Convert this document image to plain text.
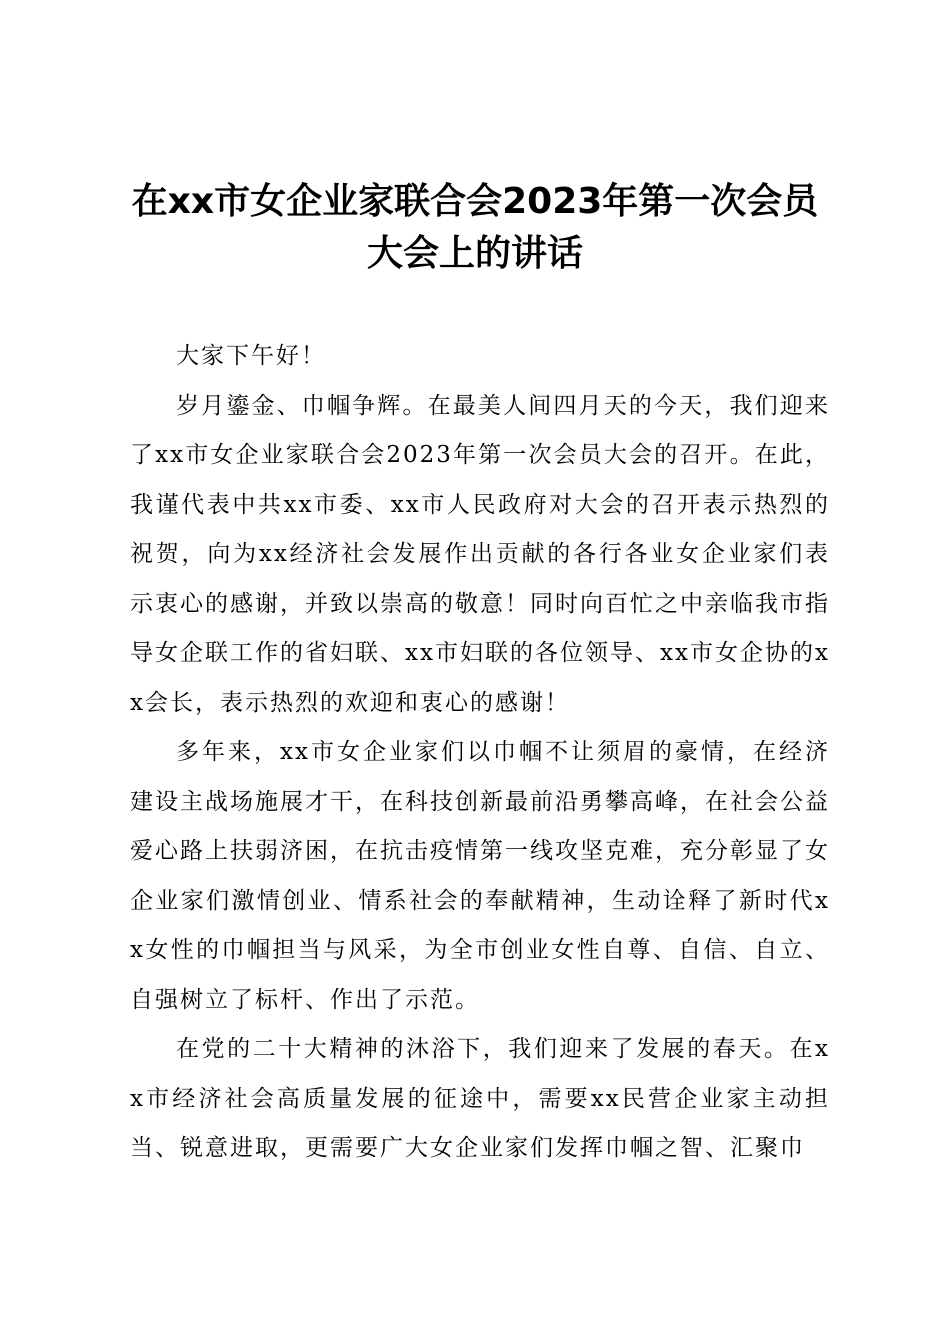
在xx市女企业家联合会2023年第一次会员大会上的讲话

大家下午好！

岁月鎏金、巾帼争辉。在最美人间四月天的今天，我们迎来了xx市女企业家联合会2023年第一次会员大会的召开。在此，我谨代表中共xx市委、xx市人民政府对大会的召开表示热烈的祝贺，向为xx经济社会发展作出贡献的各行各业女企业家们表示衷心的感谢，并致以崇高的敬意！同时向百忙之中亲临我市指导女企联工作的省妇联、xx市妇联的各位领导、xx市女企协的xx会长，表示热烈的欢迎和衷心的感谢！

多年来，xx市女企业家们以巾帼不让须眉的豪情，在经济建设主战场施展才干，在科技创新最前沿勇攀高峰，在社会公益爱心路上扶弱济困，在抗击疫情第一线攻坚克难，充分彰显了女企业家们激情创业、情系社会的奉献精神，生动诠释了新时代xx女性的巾帼担当与风采，为全市创业女性自尊、自信、自立、自强树立了标杆、作出了示范。

在党的二十大精神的沐浴下，我们迎来了发展的春天。在xx市经济社会高质量发展的征途中，需要xx民营企业家主动担当、锐意进取，更需要广大女企业家们发挥巾帼之智、汇聚巾
